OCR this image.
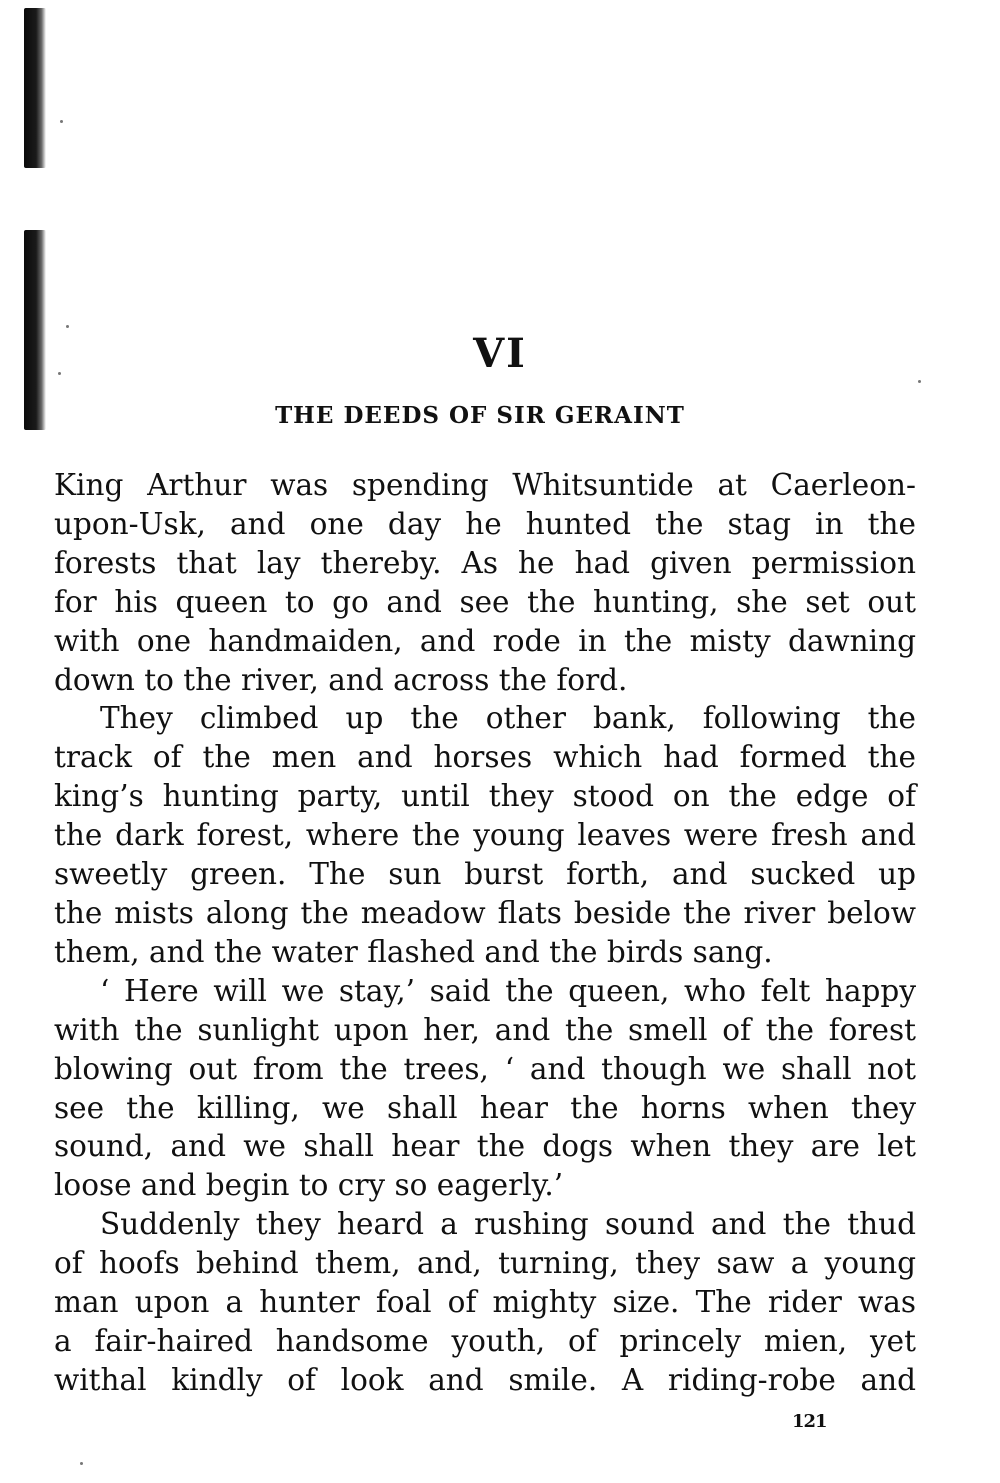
VI
THE DEEDS OF SIR GERAINT
King Arthur was spending Whitsuntide at Caerleon-
upon-Usk, and one day he hunted the stag in the
forests that lay thereby. As he had given permission
for his queen to go and see the hunting, she set out
with one handmaiden, and rode in the misty dawning
down to the river, and across the ford.
They climbed up the other bank, following the
track of the men and horses which had formed the
king’s hunting party, until they stood on the edge of
the dark forest, where the young leaves were fresh and
sweetly green. The sun burst forth, and sucked up
the mists along the meadow flats beside the river below
them, and the water flashed and the birds sang.
‘ Here will we stay,’ said the queen, who felt happy
with the sunlight upon her, and the smell of the forest
blowing out from the trees, ‘ and though we shall not
see the killing, we shall hear the horns when they
sound, and we shall hear the dogs when they are let
loose and begin to cry so eagerly.’
Suddenly they heard a rushing sound and the thud
of hoofs behind them, and, turning, they saw a young
man upon a hunter foal of mighty size. The rider was
a fair-haired handsome youth, of princely mien, yet
withal kindly of look and smile. A riding-robe and
121
